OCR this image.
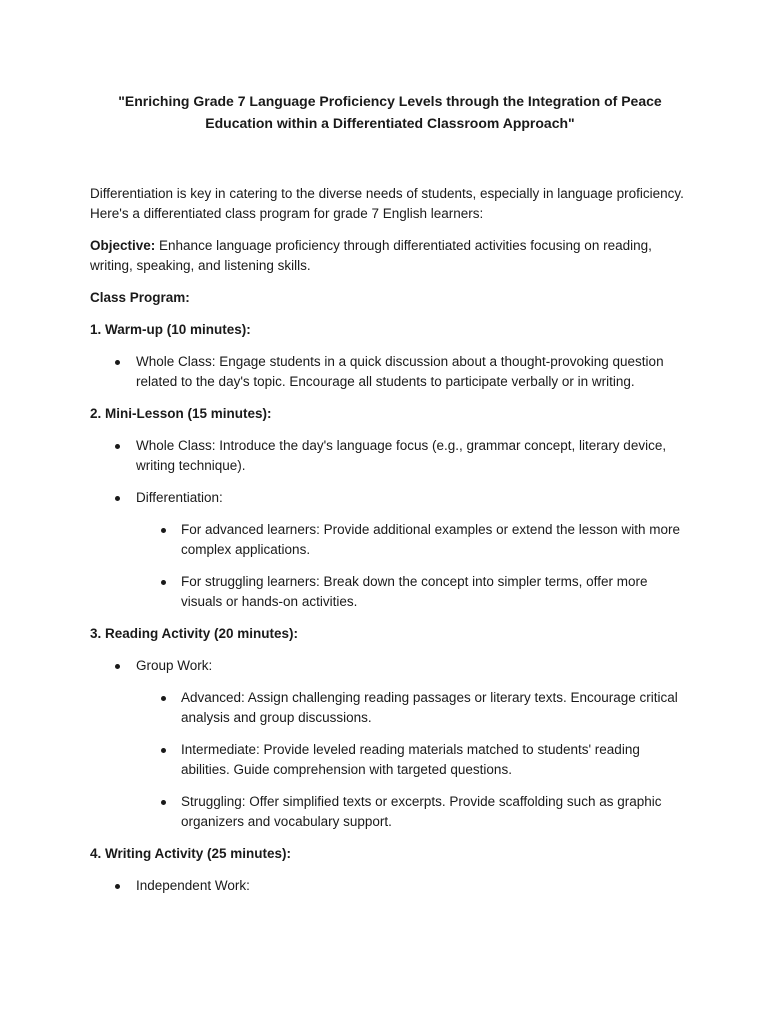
"Enriching Grade 7 Language Proficiency Levels through the Integration of Peace Education within a Differentiated Classroom Approach"

Differentiation is key in catering to the diverse needs of students, especially in language proficiency. Here's a differentiated class program for grade 7 English learners:

Objective: Enhance language proficiency through differentiated activities focusing on reading, writing, speaking, and listening skills.

Class Program:
1. Warm-up (10 minutes):
Whole Class: Engage students in a quick discussion about a thought-provoking question related to the day's topic. Encourage all students to participate verbally or in writing.
2. Mini-Lesson (15 minutes):
Whole Class: Introduce the day's language focus (e.g., grammar concept, literary device, writing technique).
Differentiation:
For advanced learners: Provide additional examples or extend the lesson with more complex applications.
For struggling learners: Break down the concept into simpler terms, offer more visuals or hands-on activities.
3. Reading Activity (20 minutes):
Group Work:
Advanced: Assign challenging reading passages or literary texts. Encourage critical analysis and group discussions.
Intermediate: Provide leveled reading materials matched to students' reading abilities. Guide comprehension with targeted questions.
Struggling: Offer simplified texts or excerpts. Provide scaffolding such as graphic organizers and vocabulary support.
4. Writing Activity (25 minutes):
Independent Work:
